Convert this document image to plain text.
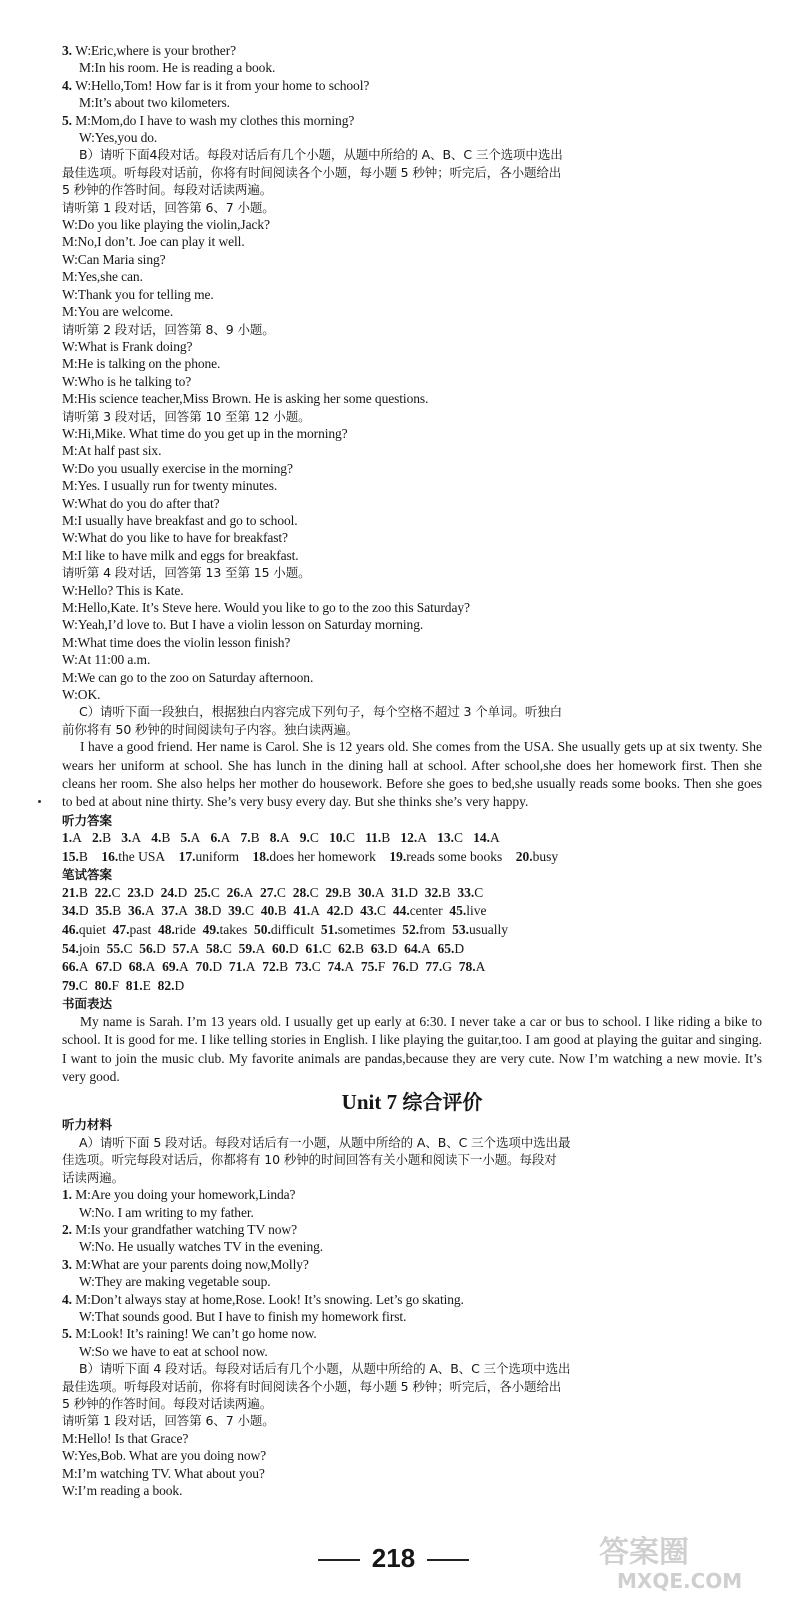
3. W:Eric,where is your brother?
M:In his room. He is reading a book.
4. W:Hello,Tom! How far is it from your home to school?
M:It’s about two kilometers.
5. M:Mom,do I have to wash my clothes this morning?
W:Yes,you do.
B）请听下面4段对话。每段对话后有几个小题，从题中所给的 A、B、C 三个选项中选出
最佳选项。听每段对话前，你将有时间阅读各个小题，每小题 5 秒钟；听完后，各小题给出
5 秒钟的作答时间。每段对话读两遍。
请听第 1 段对话，回答第 6、7 小题。
W:Do you like playing the violin,Jack?
M:No,I don’t. Joe can play it well.
W:Can Maria sing?
M:Yes,she can.
W:Thank you for telling me.
M:You are welcome.
请听第 2 段对话，回答第 8、9 小题。
W:What is Frank doing?
M:He is talking on the phone.
W:Who is he talking to?
M:His science teacher,Miss Brown. He is asking her some questions.
请听第 3 段对话，回答第 10 至第 12 小题。
W:Hi,Mike. What time do you get up in the morning?
M:At half past six.
W:Do you usually exercise in the morning?
M:Yes. I usually run for twenty minutes.
W:What do you do after that?
M:I usually have breakfast and go to school.
W:What do you like to have for breakfast?
M:I like to have milk and eggs for breakfast.
请听第 4 段对话，回答第 13 至第 15 小题。
W:Hello? This is Kate.
M:Hello,Kate. It’s Steve here. Would you like to go to the zoo this Saturday?
W:Yeah,I’d love to. But I have a violin lesson on Saturday morning.
M:What time does the violin lesson finish?
W:At 11:00 a.m.
M:We can go to the zoo on Saturday afternoon.
W:OK.
C）请听下面一段独白，根据独白内容完成下列句子，每个空格不超过 3 个单词。听独白
前你将有 50 秒钟的时间阅读句子内容。独白读两遍。
I have a good friend. Her name is Carol. She is 12 years old. She comes from the USA. She usually gets up at six twenty. She wears her uniform at school. She has lunch in the dining hall at school. After school,she does her homework first. Then she cleans her room. She also helps her mother do housework. Before she goes to bed,she usually reads some books. Then she goes to bed at about nine thirty. She’s very busy every day. But she thinks she’s very happy.
听力答案
1.A  2.B  3.A  4.B  5.A  6.A  7.B  8.A  9.C  10.C  11.B  12.A  13.C  14.A
15.B  16.the USA  17.uniform  18.does her homework  19.reads some books  20.busy
笔试答案
21.B  22.C  23.D  24.D  25.C  26.A  27.C  28.C  29.B  30.A  31.D  32.B  33.C
34.D  35.B  36.A  37.A  38.D  39.C  40.B  41.A  42.D  43.C  44.center  45.live
46.quiet  47.past  48.ride  49.takes  50.difficult  51.sometimes  52.from  53.usually
54.join  55.C  56.D  57.A  58.C  59.A  60.D  61.C  62.B  63.D  64.A  65.D
66.A  67.D  68.A  69.A  70.D  71.A  72.B  73.C  74.A  75.F  76.D  77.G  78.A
79.C  80.F  81.E  82.D
书面表达
My name is Sarah. I’m 13 years old. I usually get up early at 6:30. I never take a car or bus to school. I like riding a bike to school. It is good for me. I like telling stories in English. I like playing the guitar,too. I am good at playing the guitar and singing. I want to join the music club. My favorite animals are pandas,because they are very cute. Now I’m watching a new movie. It’s very good.
Unit 7 综合评价
听力材料
A）请听下面 5 段对话。每段对话后有一小题，从题中所给的 A、B、C 三个选项中选出最
佳选项。听完每段对话后，你都将有 10 秒钟的时间回答有关小题和阅读下一小题。每段对
话读两遍。
1. M:Are you doing your homework,Linda?
W:No. I am writing to my father.
2. M:Is your grandfather watching TV now?
W:No. He usually watches TV in the evening.
3. M:What are your parents doing now,Molly?
W:They are making vegetable soup.
4. M:Don’t always stay at home,Rose. Look! It’s snowing. Let’s go skating.
W:That sounds good. But I have to finish my homework first.
5. M:Look! It’s raining! We can’t go home now.
W:So we have to eat at school now.
B）请听下面 4 段对话。每段对话后有几个小题，从题中所给的 A、B、C 三个选项中选出
最佳选项。听每段对话前，你将有时间阅读各个小题，每小题 5 秒钟；听完后，各小题给出
5 秒钟的作答时间。每段对话读两遍。
请听第 1 段对话，回答第 6、7 小题。
M:Hello! Is that Grace?
W:Yes,Bob. What are you doing now?
M:I’m watching TV. What about you?
W:I’m reading a book.
218	答案圈
MXQE.COM
